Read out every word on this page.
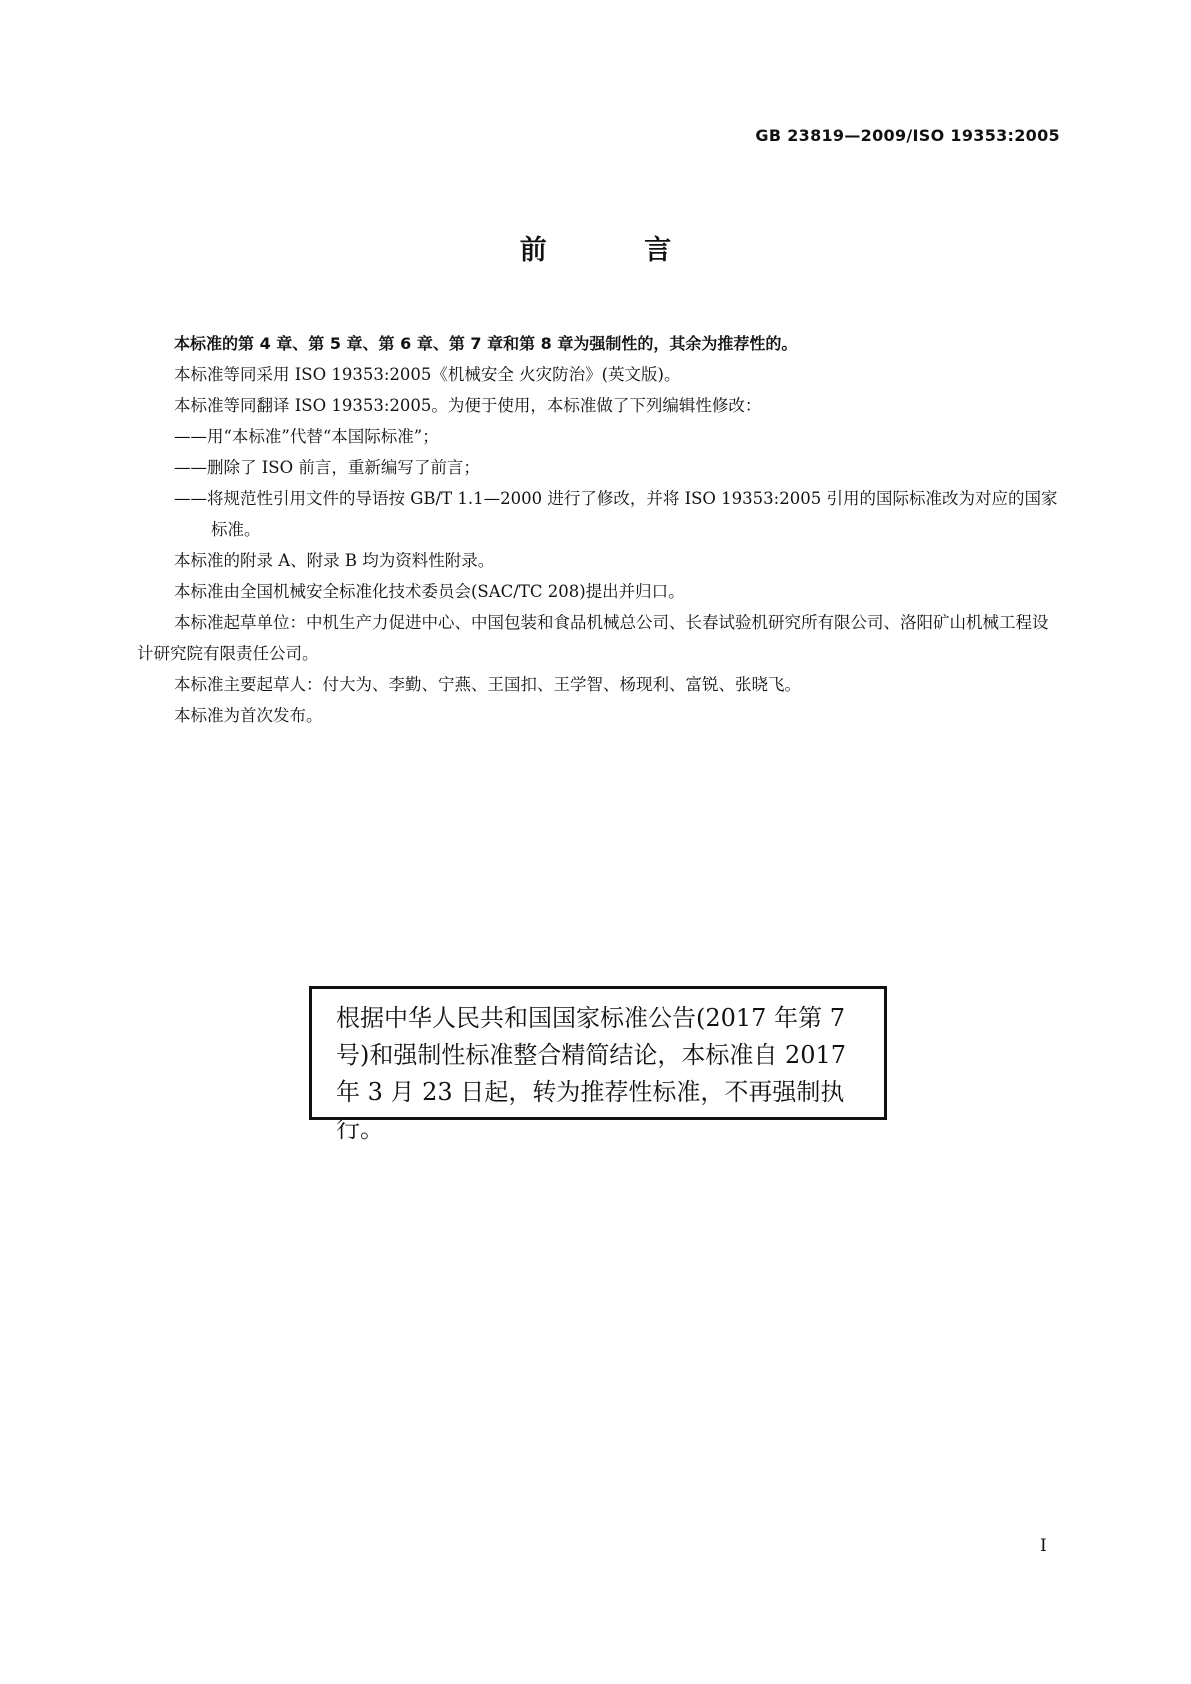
GB 23819—2009/ISO 19353:2005
前 言

本标准的第 4 章、第 5 章、第 6 章、第 7 章和第 8 章为强制性的，其余为推荐性的。

本标准等同采用 ISO 19353:2005《机械安全 火灾防治》(英文版)。

本标准等同翻译 ISO 19353:2005。为便于使用，本标准做了下列编辑性修改：

——用“本标准”代替“本国际标准”；

——删除了 ISO 前言，重新编写了前言；

——将规范性引用文件的导语按 GB/T 1.1—2000 进行了修改，并将 ISO 19353:2005 引用的国际标准改为对应的国家标准。

本标准的附录 A、附录 B 均为资料性附录。

本标准由全国机械安全标准化技术委员会(SAC/TC 208)提出并归口。

本标准起草单位：中机生产力促进中心、中国包装和食品机械总公司、长春试验机研究所有限公司、洛阳矿山机械工程设计研究院有限责任公司。

本标准主要起草人：付大为、李勤、宁燕、王国扣、王学智、杨现利、富锐、张晓飞。

本标准为首次发布。

根据中华人民共和国国家标准公告(2017 年第 7
号)和强制性标准整合精简结论，本标准自 2017
年 3 月 23 日起，转为推荐性标准，不再强制执行。
I
